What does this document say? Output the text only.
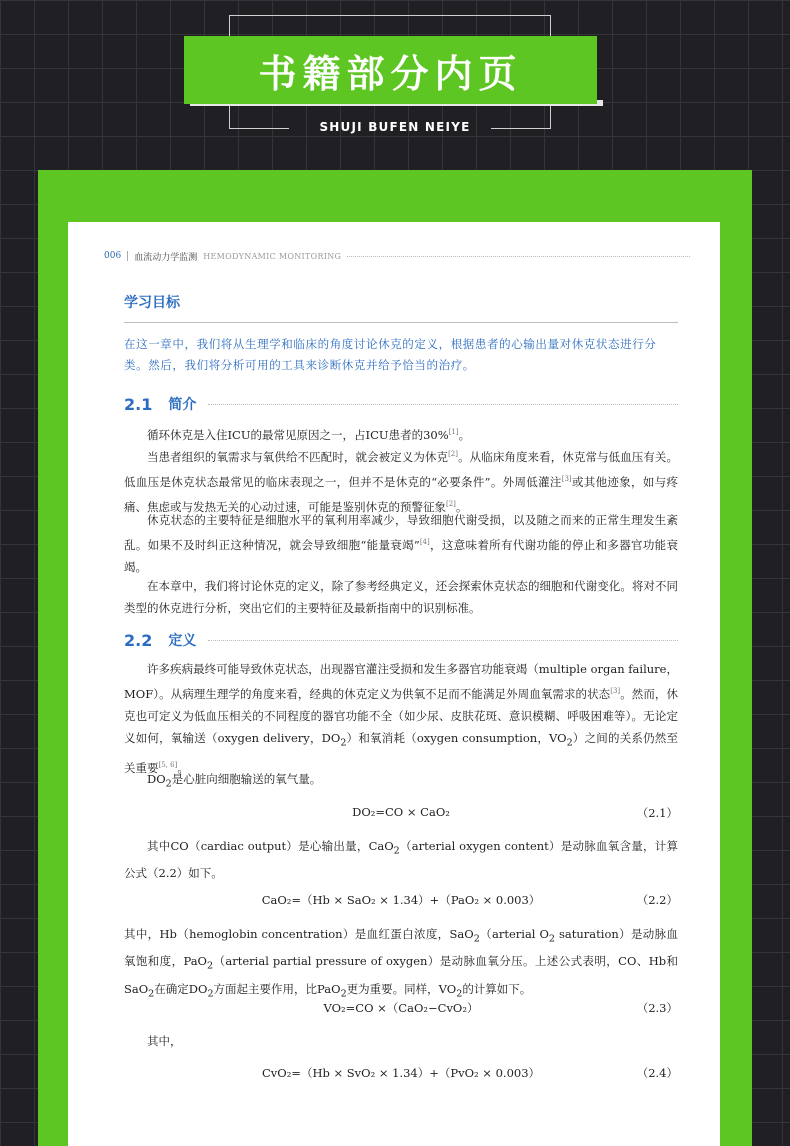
书籍部分内页
SHUJI BUFEN NEIYE
006 血流动力学监测 HEMODYNAMIC MONITORING
学习目标
在这一章中，我们将从生理学和临床的角度讨论休克的定义，根据患者的心输出量对休克状态进行分类。然后，我们将分析可用的工具来诊断休克并给予恰当的治疗。
2.1 简介

循环休克是入住ICU的最常见原因之一，占ICU患者的30%[1]。

当患者组织的氧需求与氧供给不匹配时，就会被定义为休克[2]。从临床角度来看，休克常与低血压有关。低血压是休克状态最常见的临床表现之一，但并不是休克的“必要条件”。外周低灌注[3]或其他迹象，如与疼痛、焦虑或与发热无关的心动过速，可能是鉴别休克的预警征象[2]。

休克状态的主要特征是细胞水平的氧利用率减少，导致细胞代谢受损，以及随之而来的正常生理发生紊乱。如果不及时纠正这种情况，就会导致细胞“能量衰竭”[4]，这意味着所有代谢功能的停止和多器官功能衰竭。

在本章中，我们将讨论休克的定义，除了参考经典定义，还会探索休克状态的细胞和代谢变化。将对不同类型的休克进行分析，突出它们的主要特征及最新指南中的识别标准。

2.2 定义

许多疾病最终可能导致休克状态，出现器官灌注受损和发生多器官功能衰竭（multiple organ failure，MOF）。从病理生理学的角度来看，经典的休克定义为供氧不足而不能满足外周血氧需求的状态[3]。然而，休克也可定义为低血压相关的不同程度的器官功能不全（如少尿、皮肤花斑、意识模糊、呼吸困难等）。无论定义如何，氧输送（oxygen delivery，$DO_2$）和氧消耗（oxygen consumption，$VO_2$）之间的关系仍然至关重要[5, 6]。

$DO_2$是心脏向细胞输送的氧气量。

DO₂=CO × CaO₂	（2.1）

其中CO（cardiac output）是心输出量，CaO$_2$（arterial oxygen content）是动脉血氧含量，计算公式（2.2）如下。

CaO₂=（Hb × SaO₂ × 1.34）+（PaO₂ × 0.003）	（2.2）

其中，Hb（hemoglobin concentration）是血红蛋白浓度，SaO$_2$（arterial $O_2$ saturation）是动脉血氧饱和度，PaO$_2$（arterial partial pressure of oxygen）是动脉血氧分压。上述公式表明，CO、Hb和SaO$_2$在确定$DO_2$方面起主要作用，比PaO$_2$更为重要。同样，$VO_2$的计算如下。

VO₂=CO ×（CaO₂−CvO₂）	（2.3）

其中，

CvO₂=（Hb × SvO₂ × 1.34）+（PvO₂ × 0.003）	（2.4）
